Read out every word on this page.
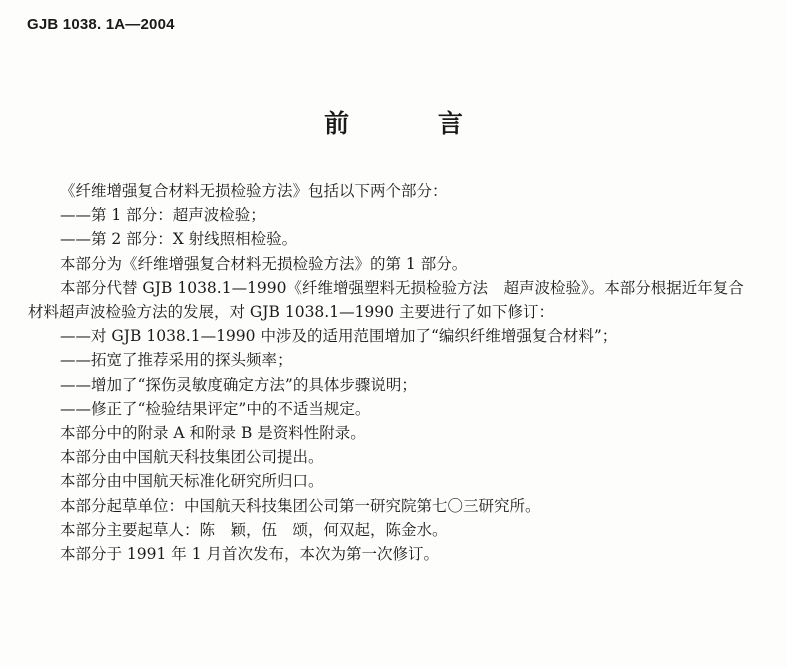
GJB 1038. 1A—2004
前 言

《纤维增强复合材料无损检验方法》包括以下两个部分：

——第 1 部分：超声波检验；

——第 2 部分：X 射线照相检验。

本部分为《纤维增强复合材料无损检验方法》的第 1 部分。

本部分代替 GJB 1038.1—1990《纤维增强塑料无损检验方法　超声波检验》。本部分根据近年复合

材料超声波检验方法的发展，对 GJB 1038.1—1990 主要进行了如下修订：

——对 GJB 1038.1—1990 中涉及的适用范围增加了“编织纤维增强复合材料”；

——拓宽了推荐采用的探头频率；

——增加了“探伤灵敏度确定方法”的具体步骤说明；

——修正了“检验结果评定”中的不适当规定。

本部分中的附录 A 和附录 B 是资料性附录。

本部分由中国航天科技集团公司提出。

本部分由中国航天标准化研究所归口。

本部分起草单位：中国航天科技集团公司第一研究院第七〇三研究所。

本部分主要起草人：陈　颖，伍　颂，何双起，陈金水。

本部分于 1991 年 1 月首次发布，本次为第一次修订。
